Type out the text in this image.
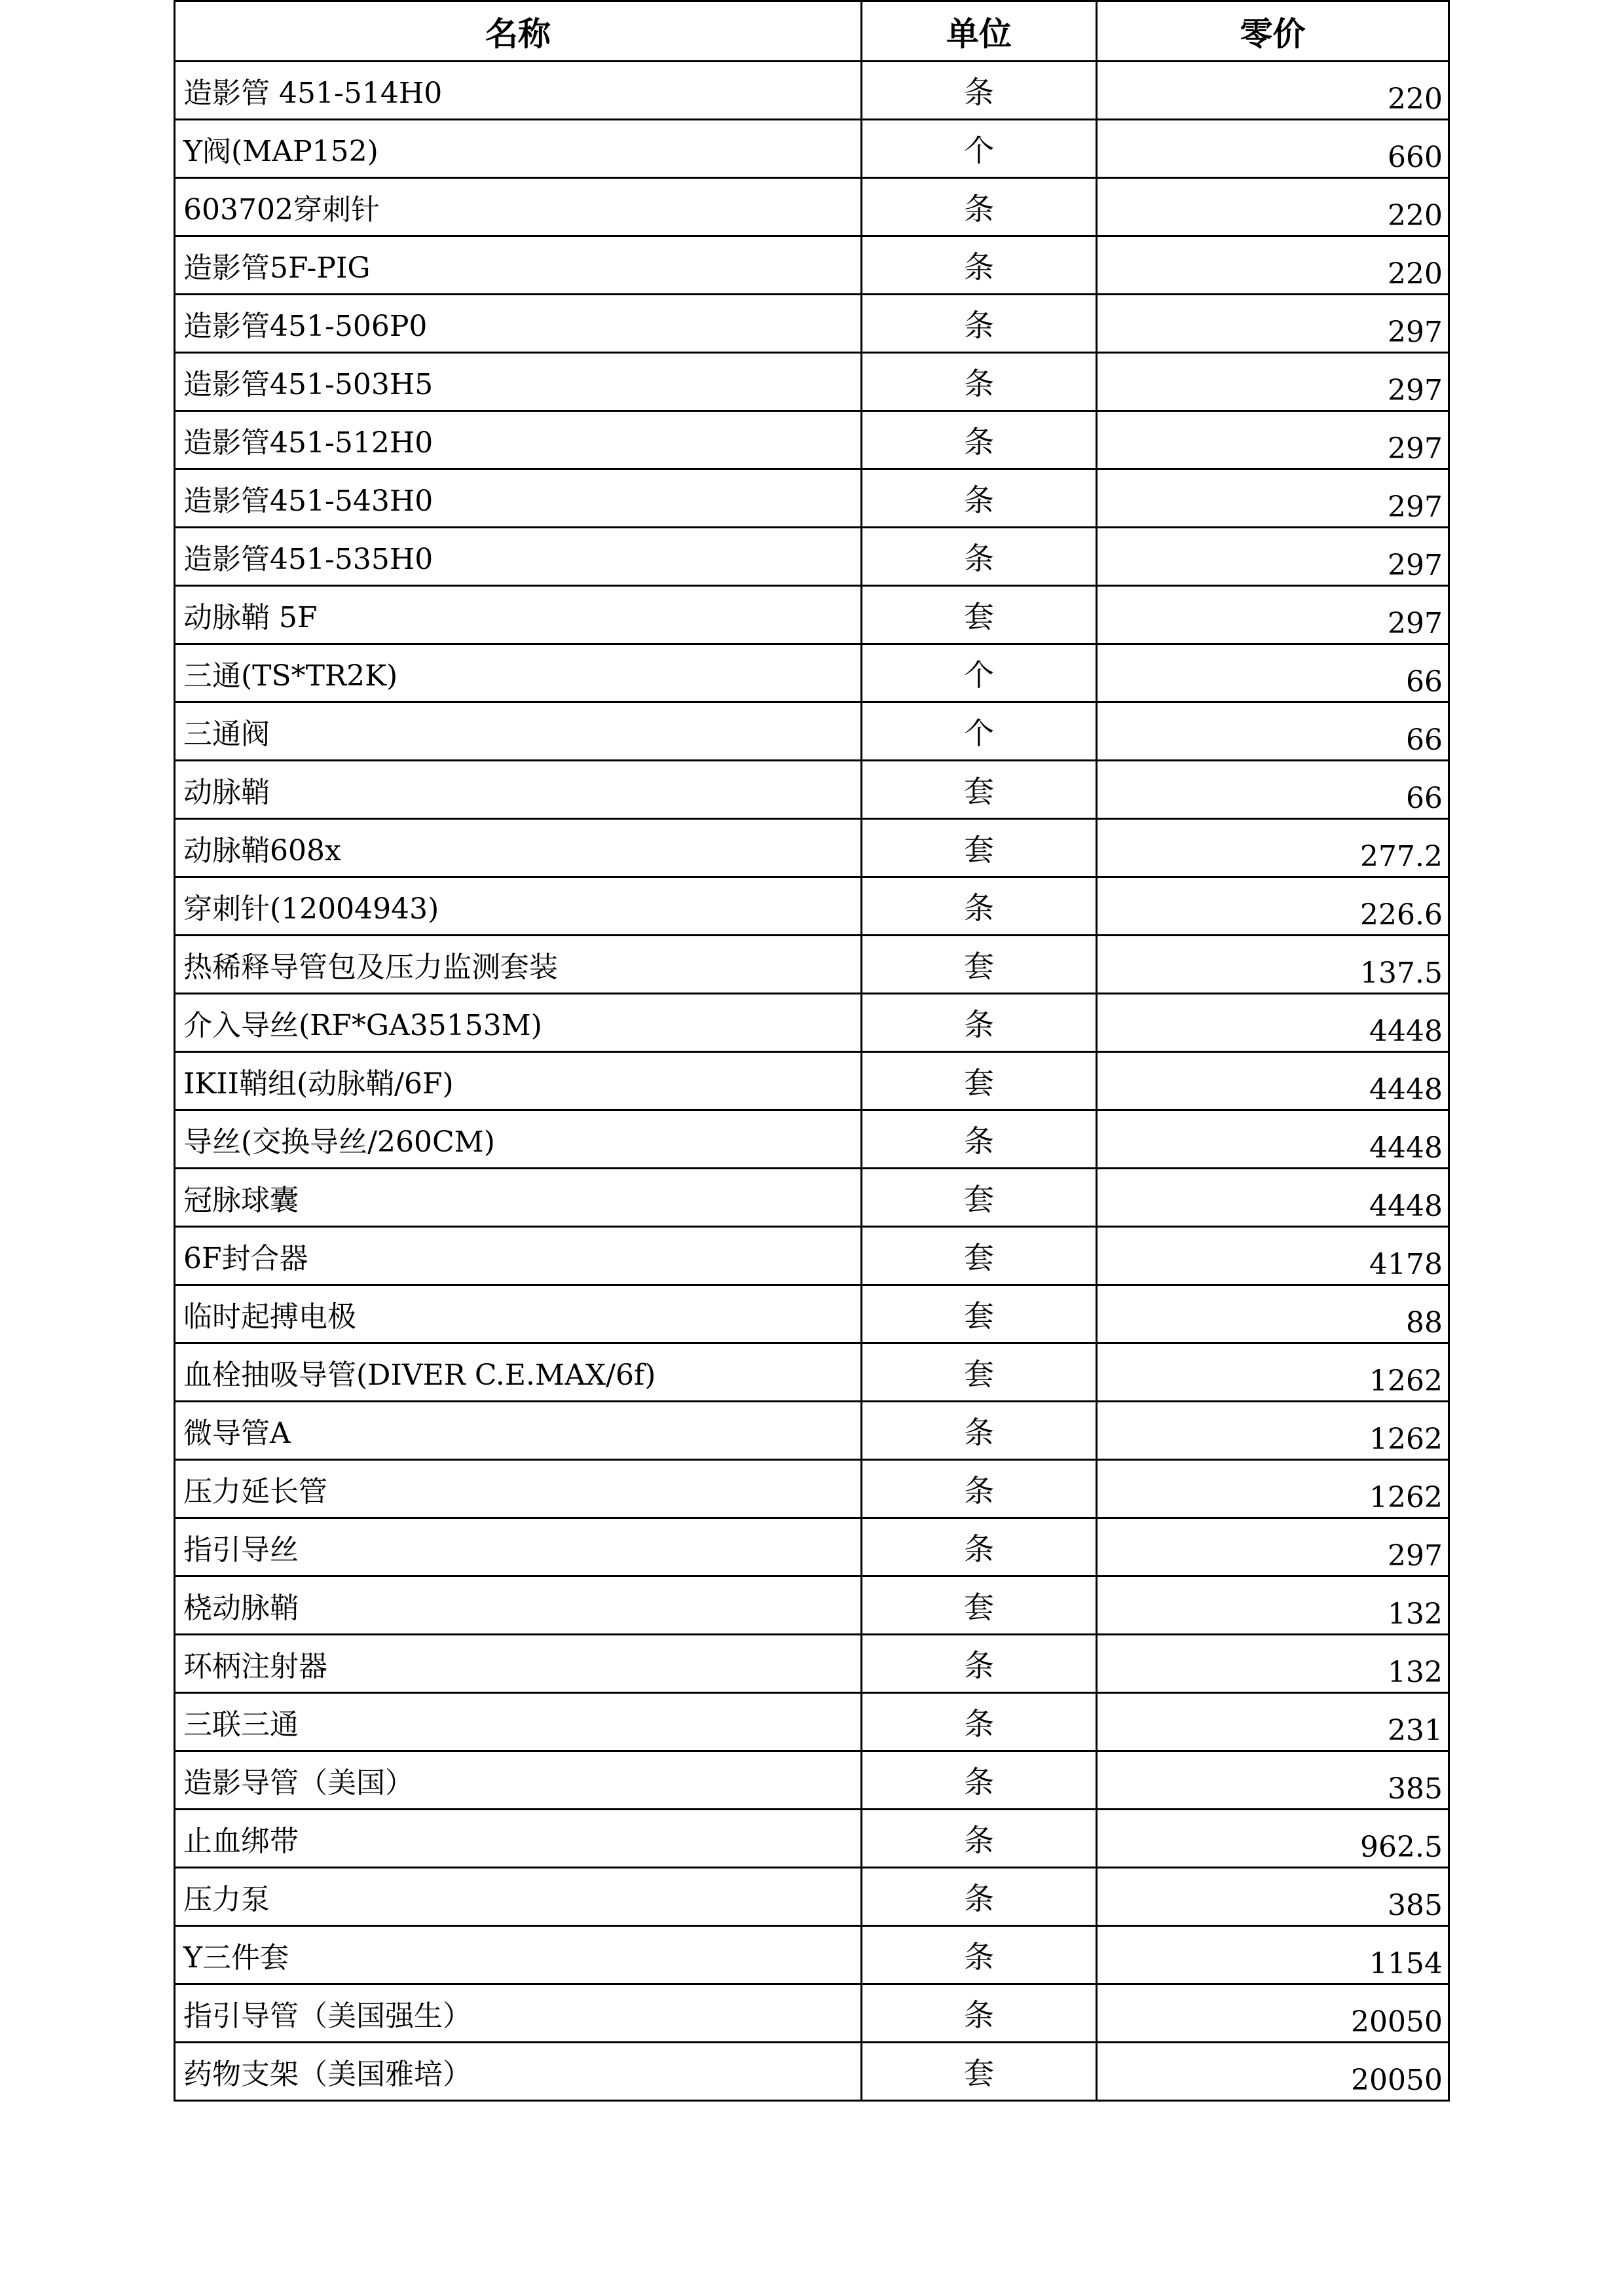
名称	单位	零价
造影管 451-514H0	条	220
Y阀(MAP152)	个	660
603702穿刺针	条	220
造影管5F-PIG	条	220
造影管451-506P0	条	297
造影管451-503H5	条	297
造影管451-512H0	条	297
造影管451-543H0	条	297
造影管451-535H0	条	297
动脉鞘 5F	套	297
三通(TS*TR2K)	个	66
三通阀	个	66
动脉鞘	套	66
动脉鞘608x	套	277.2
穿刺针(12004943)	条	226.6
热稀释导管包及压力监测套装	套	137.5
介入导丝(RF*GA35153M)	条	4448
IKII鞘组(动脉鞘/6F)	套	4448
导丝(交换导丝/260CM)	条	4448
冠脉球囊	套	4448
6F封合器	套	4178
临时起搏电极	套	88
血栓抽吸导管(DIVER C.E.MAX/6f)	套	1262
微导管A	条	1262
压力延长管	条	1262
指引导丝	条	297
桡动脉鞘	套	132
环柄注射器	条	132
三联三通	条	231
造影导管（美国）	条	385
止血绑带	条	962.5
压力泵	条	385
Y三件套	条	1154
指引导管（美国强生）	条	20050
药物支架（美国雅培）	套	20050
